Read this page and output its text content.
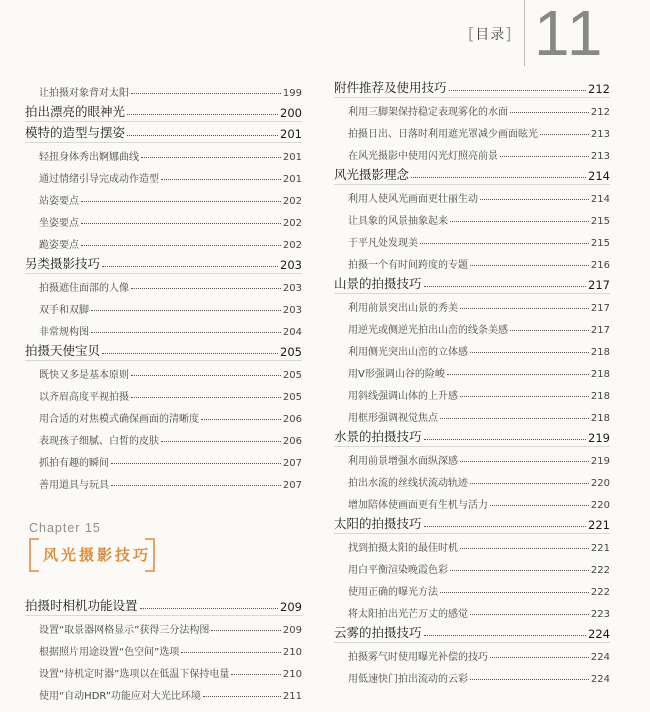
[目录] 11
让拍摄对象背对太阳	199
拍出漂亮的眼神光	200
模特的造型与摆姿	201
轻扭身体秀出婀娜曲线	201
通过情绪引导完成动作造型	201
站姿要点	202
坐姿要点	202
跪姿要点	202
另类摄影技巧	203
拍摄遮住面部的人像	203
双手和双脚	203
非常规构图	204
拍摄天使宝贝	205
既快又多是基本原则	205
以齐眉高度平视拍摄	205
用合适的对焦模式确保画面的清晰度	206
表现孩子细腻、白皙的皮肤	206
抓拍有趣的瞬间	207
善用道具与玩具	207
Chapter 15
风光摄影技巧
拍摄时相机功能设置	209
设置“取景器网格显示”获得三分法构图	209
根据照片用途设置“色空间”选项	210
设置“待机定时器”选项以在低温下保持电量	210
使用“自动HDR”功能应对大光比环境	211
附件推荐及使用技巧	212
利用三脚架保持稳定表现雾化的水面	212
拍摄日出、日落时利用遮光罩减少画面眩光	213
在风光摄影中使用闪光灯照亮前景	213
风光摄影理念	214
利用人使风光画面更壮丽生动	214
让具象的风景抽象起来	215
于平凡处发现美	215
拍摄一个有时间跨度的专题	216
山景的拍摄技巧	217
利用前景突出山景的秀美	217
用逆光或侧逆光拍出山峦的线条美感	217
利用侧光突出山峦的立体感	218
用V形强调山谷的险峻	218
用斜线强调山体的上升感	218
用框形强调视觉焦点	218
水景的拍摄技巧	219
利用前景增强水面纵深感	219
拍出水流的丝线状流动轨迹	220
增加陪体使画面更有生机与活力	220
太阳的拍摄技巧	221
找到拍摄太阳的最佳时机	221
用白平衡渲染晚霞色彩	222
使用正确的曝光方法	222
将太阳拍出光芒万丈的感觉	223
云雾的拍摄技巧	224
拍摄雾气时使用曝光补偿的技巧	224
用低速快门拍出流动的云彩	224
